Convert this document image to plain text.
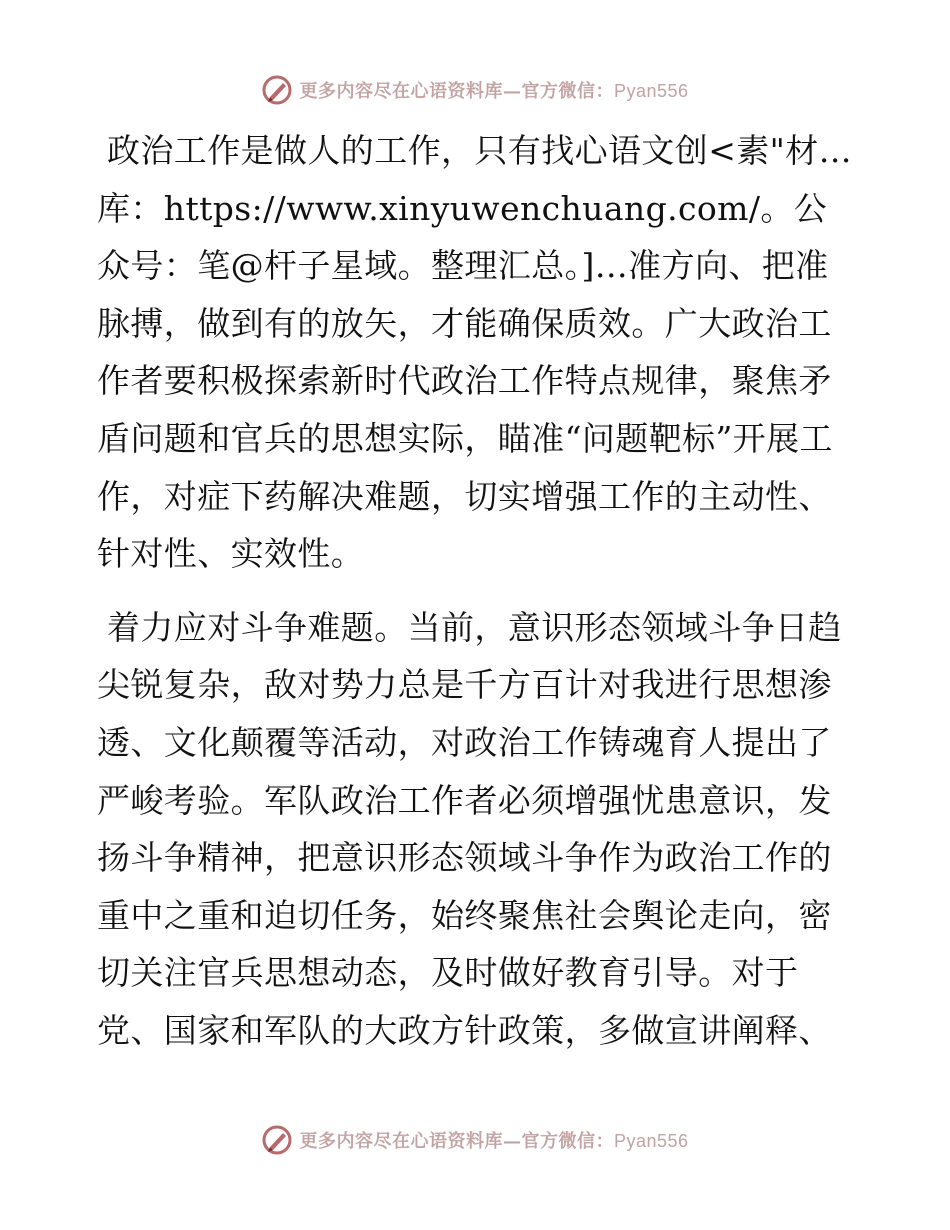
更多内容尽在心语资料库—官方微信：Pyan556

政治工作是做人的工作，只有找心语文创<素"材…库：https://www.xinyuwenchuang.com/。公众号：笔@杆子星域。整理汇总。]…准方向、把准脉搏，做到有的放矢，才能确保质效。广大政治工作者要积极探索新时代政治工作特点规律，聚焦矛盾问题和官兵的思想实际，瞄准“问题靶标”开展工作，对症下药解决难题，切实增强工作的主动性、针对性、实效性。

着力应对斗争难题。当前，意识形态领域斗争日趋尖锐复杂，敌对势力总是千方百计对我进行思想渗透、文化颠覆等活动，对政治工作铸魂育人提出了严峻考验。军队政治工作者必须增强忧患意识，发扬斗争精神，把意识形态领域斗争作为政治工作的重中之重和迫切任务，始终聚焦社会舆论走向，密切关注官兵思想动态，及时做好教育引导。对于党、国家和军队的大政方针政策，多做宣讲阐释、

更多内容尽在心语资料库—官方微信：Pyan556
